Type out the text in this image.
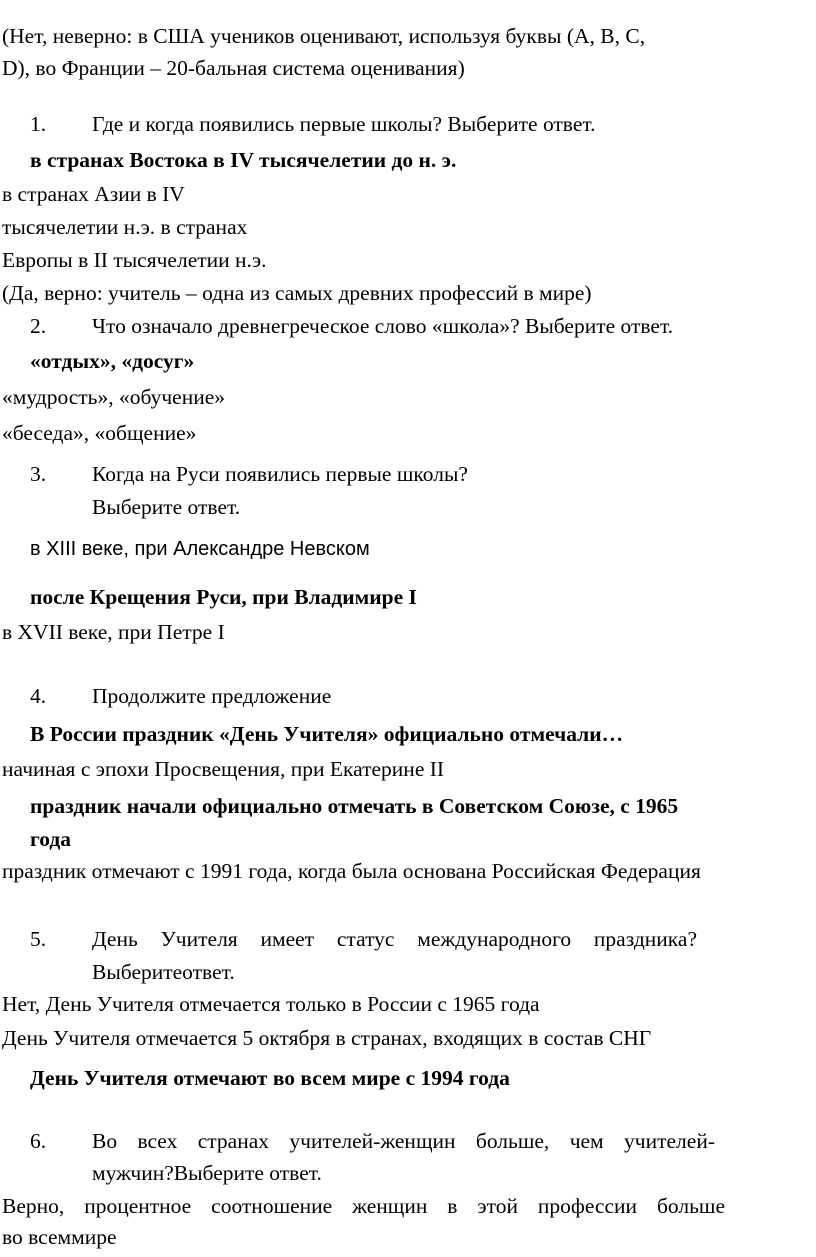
(Нет, неверно: в США учеников оценивают, используя буквы (A, B, C,
D), во Франции – 20-бальная система оценивания)
1. Где и когда появились первые школы? Выберите ответ.
в странах Востока в IV тысячелетии до н. э.
в странах Азии в IV
тысячелетии н.э. в странах
Европы в II тысячелетии н.э.
(Да, верно: учитель – одна из самых древних профессий в мире)
2. Что означало древнегреческое слово «школа»? Выберите ответ.
«отдых», «досуг»
«мудрость», «обучение»
«беседа», «общение»
3. Когда на Руси появились первые школы?
Выберите ответ.
в XIII веке, при Александре Невском
после Крещения Руси, при Владимире I
в XVII веке, при Петре I
4. Продолжите предложение
В России праздник «День Учителя» официально отмечали…
начиная с эпохи Просвещения, при Екатерине II
праздник начали официально отмечать в Советском Союзе, с 1965
года
праздник отмечают с 1991 года, когда была основана Российская Федерация
5. День Учителя имеет статус международного праздника?
Выберитеответ.
Нет, День Учителя отмечается только в России с 1965 года
День Учителя отмечается 5 октября в странах, входящих в состав СНГ
День Учителя отмечают во всем мире с 1994 года
6. Во всех странах учителей-женщин больше, чем учителей-
мужчин?Выберите ответ.
Верно, процентное соотношение женщин в этой профессии больше
во всеммире
